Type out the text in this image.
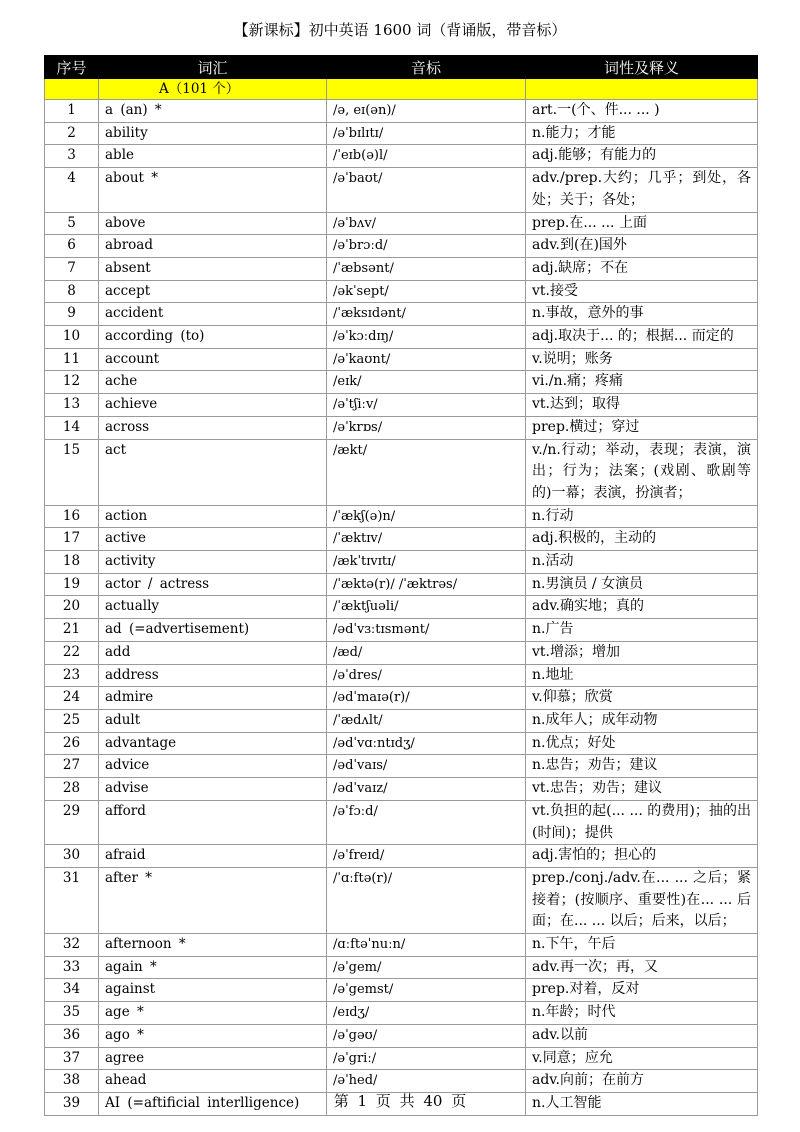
【新课标】初中英语 1600 词（背诵版，带音标）
序号	词汇	音标	词性及释义
	A（101 个）		
1	a (an) *	/ə, eɪ(ən)/	art.一(个、件... ... )
2	ability	/əˈbɪlɪtɪ/	n.能力；才能
3	able	/ˈeɪb(ə)l/	adj.能够；有能力的
4	about *	/əˈbaʊt/	adv./prep.大约；几乎；到处，各处；关于；各处；
5	above	/əˈbʌv/	prep.在... ... 上面
6	abroad	/əˈbrɔːd/	adv.到(在)国外
7	absent	/ˈæbsənt/	adj.缺席；不在
8	accept	/əkˈsept/	vt.接受
9	accident	/ˈæksɪdənt/	n.事故，意外的事
10	according (to)	/əˈkɔːdɪŋ/	adj.取决于... 的；根据... 而定的
11	account	/əˈkaʊnt/	v.说明；账务
12	ache	/eɪk/	vi./n.痛；疼痛
13	achieve	/əˈtʃiːv/	vt.达到；取得
14	across	/əˈkrɒs/	prep.横过；穿过
15	act	/ækt/	v./n.行动；举动，表现；表演，演出；行为；法案；(戏剧、歌剧等的)一幕；表演，扮演者；
16	action	/ˈækʃ(ə)n/	n.行动
17	active	/ˈæktɪv/	adj.积极的，主动的
18	activity	/ækˈtɪvɪtɪ/	n.活动
19	actor / actress	/ˈæktə(r)/ /ˈæktrəs/	n.男演员 / 女演员
20	actually	/ˈæktʃuəli/	adv.确实地；真的
21	ad (=advertisement)	/ədˈvɜːtɪsmənt/	n.广告
22	add	/æd/	vt.增添；增加
23	address	/əˈdres/	n.地址
24	admire	/ədˈmaɪə(r)/	v.仰慕；欣赏
25	adult	/ˈædʌlt/	n.成年人；成年动物
26	advantage	/ədˈvɑːntɪdʒ/	n.优点；好处
27	advice	/ədˈvaɪs/	n.忠告；劝告；建议
28	advise	/ədˈvaɪz/	vt.忠告；劝告；建议
29	afford	/əˈfɔːd/	vt.负担的起(... ... 的费用)；抽的出(时间)；提供
30	afraid	/əˈfreɪd/	adj.害怕的；担心的
31	after *	/ˈɑːftə(r)/	prep./conj./adv.在... ... 之后；紧接着；(按顺序、重要性)在... ... 后面；在... ... 以后；后来，以后；
32	afternoon *	/ɑːftəˈnuːn/	n.下午，午后
33	again *	/əˈgem/	adv.再一次；再，又
34	against	/əˈgemst/	prep.对着，反对
35	age *	/eɪdʒ/	n.年龄；时代
36	ago *	/əˈgəʊ/	adv.以前
37	agree	/əˈgriː/	v.同意；应允
38	ahead	/əˈhed/	adv.向前；在前方
39	AI (=aftificial interlligence)		n.人工智能
第 1 页 共 40 页
